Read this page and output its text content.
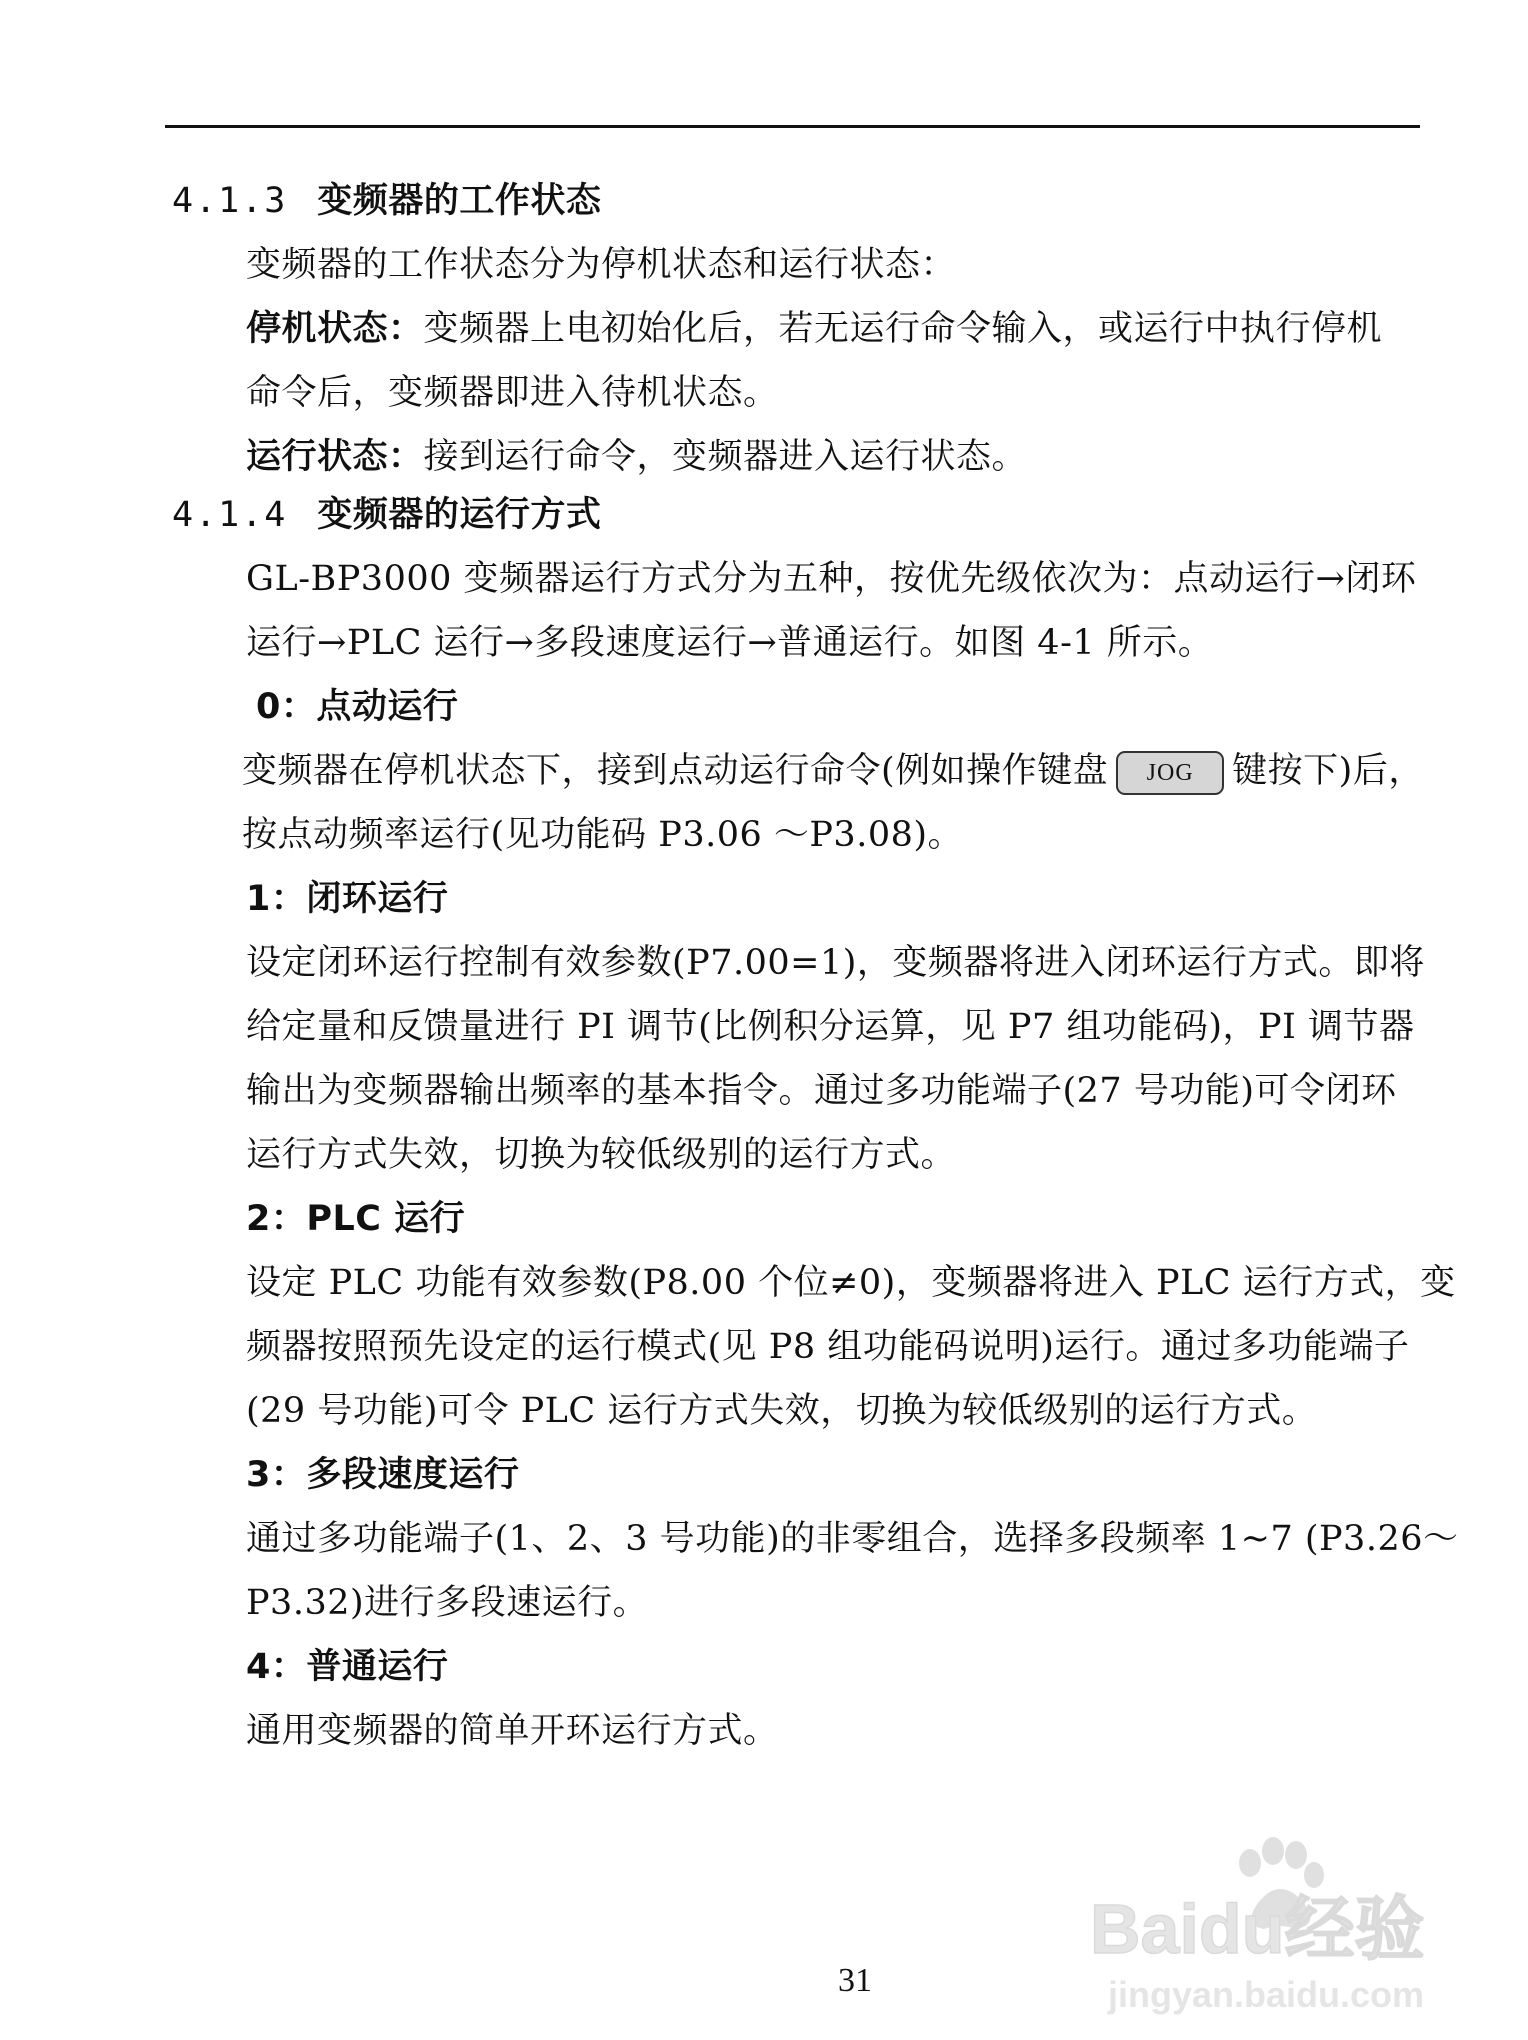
4.1.3 变频器的工作状态
变频器的工作状态分为停机状态和运行状态：
停机状态：变频器上电初始化后，若无运行命令输入，或运行中执行停机
命令后，变频器即进入待机状态。
运行状态：接到运行命令，变频器进入运行状态。
4.1.4 变频器的运行方式
GL-BP3000 变频器运行方式分为五种，按优先级依次为：点动运行→闭环
运行→PLC 运行→多段速度运行→普通运行。如图 4-1 所示。
0：点动运行
变频器在停机状态下，接到点动运行命令(例如操作键盘 JOG 键按下)后，
按点动频率运行(见功能码 P3.06 ～P3.08)。
1：闭环运行
设定闭环运行控制有效参数(P7.00=1)，变频器将进入闭环运行方式。即将
给定量和反馈量进行 PI 调节(比例积分运算，见 P7 组功能码)，PI 调节器
输出为变频器输出频率的基本指令。通过多功能端子(27 号功能)可令闭环
运行方式失效，切换为较低级别的运行方式。
2：PLC 运行
设定 PLC 功能有效参数(P8.00 个位≠0)，变频器将进入 PLC 运行方式，变
频器按照预先设定的运行模式(见 P8 组功能码说明)运行。通过多功能端子
(29 号功能)可令 PLC 运行方式失效，切换为较低级别的运行方式。
3：多段速度运行
通过多功能端子(1、2、3 号功能)的非零组合，选择多段频率 1~7 (P3.26～
P3.32)进行多段速运行。
4：普通运行
通用变频器的简单开环运行方式。
31
Baidu经验
jingyan.baidu.com
